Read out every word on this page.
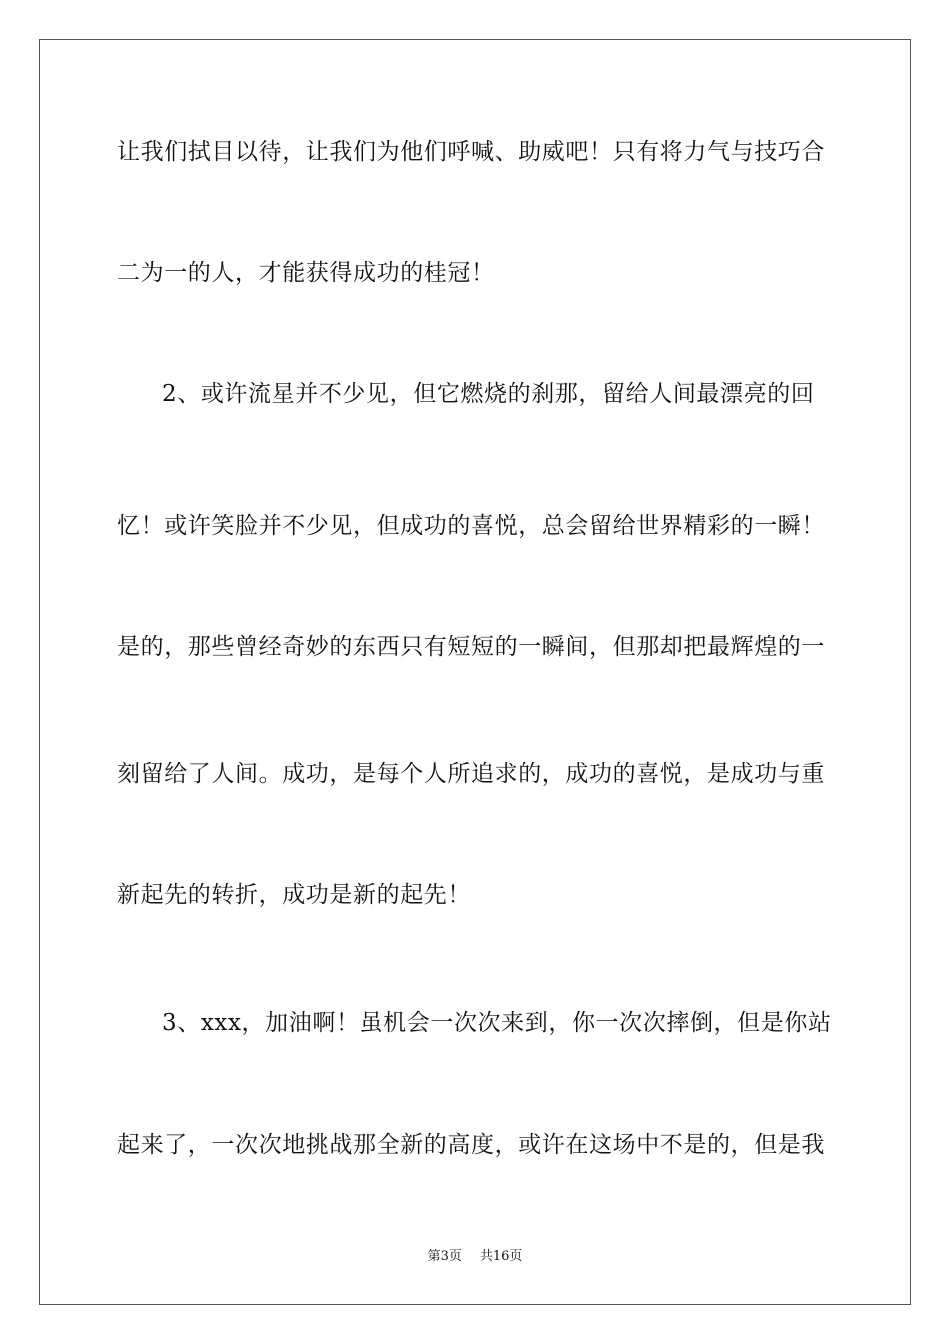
让我们拭目以待，让我们为他们呼喊、助威吧！只有将力气与技巧合
二为一的人，才能获得成功的桂冠！
2、或许流星并不少见，但它燃烧的刹那，留给人间最漂亮的回
忆！或许笑脸并不少见，但成功的喜悦，总会留给世界精彩的一瞬！
是的，那些曾经奇妙的东西只有短短的一瞬间，但那却把最辉煌的一
刻留给了人间。成功，是每个人所追求的，成功的喜悦，是成功与重
新起先的转折，成功是新的起先！
3、xxx，加油啊！虽机会一次次来到，你一次次摔倒，但是你站
起来了，一次次地挑战那全新的高度，或许在这场中不是的，但是我
第3页 共16页
